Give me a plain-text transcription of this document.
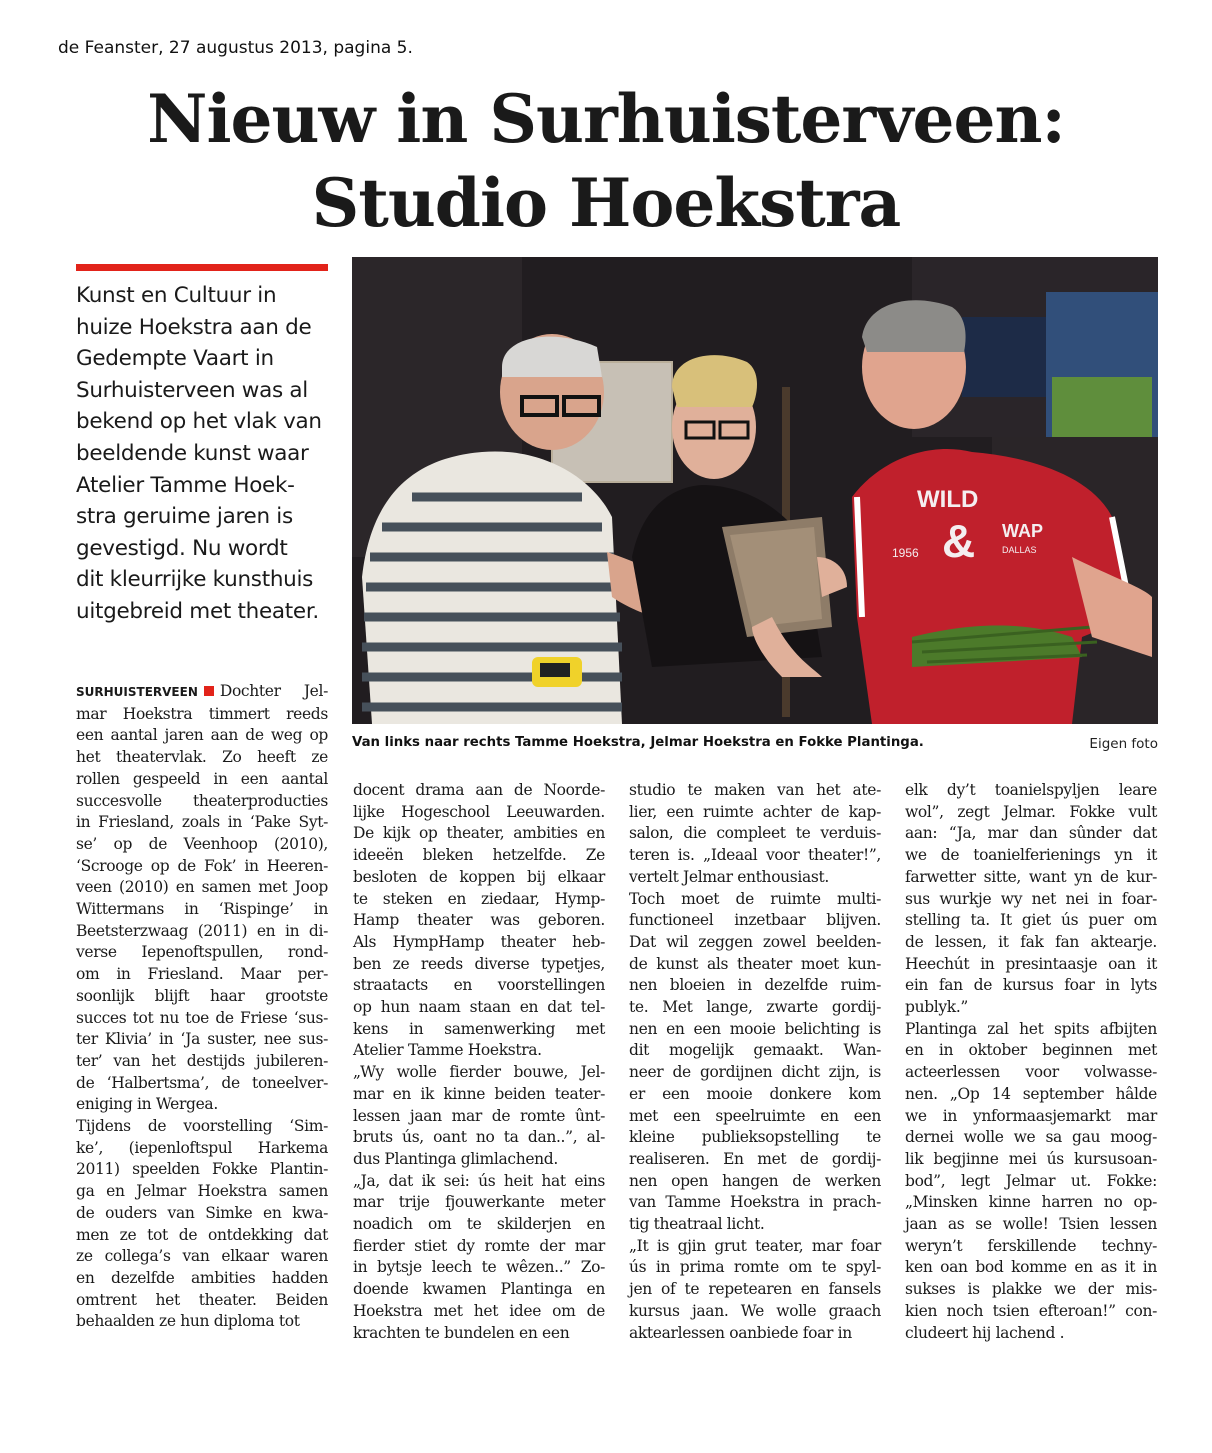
de Feanster, 27 augustus 2013, pagina 5.
Nieuw in Surhuisterveen:
Studio Hoekstra
Kunst en Cultuur in
huize Hoekstra aan de
Gedempte Vaart in
Surhuisterveen was al
bekend op het vlak van
beeldende kunst waar
Atelier Tamme Hoek-
stra geruime jaren is
gevestigd. Nu wordt
dit kleurrijke kunsthuis
uitgebreid met theater.
WILD
& WAP
DALLAS
1956
Van links naar rechts Tamme Hoekstra, Jelmar Hoekstra en Fokke Plantinga.	Eigen foto
SURHUISTERVEEN Dochter Jel-
mar Hoekstra timmert reeds
een aantal jaren aan de weg op
het theatervlak. Zo heeft ze
rollen gespeeld in een aantal
succesvolle theaterproducties
in Friesland, zoals in ‘Pake Syt-
se’ op de Veenhoop (2010),
‘Scrooge op de Fok’ in Heeren-
veen (2010) en samen met Joop
Wittermans in ‘Rispinge’ in
Beetsterzwaag (2011) en in di-
verse Iepenoftspullen, rond-
om in Friesland. Maar per-
soonlijk blijft haar grootste
succes tot nu toe de Friese ‘sus-
ter Klivia’ in ‘Ja suster, nee sus-
ter’ van het destijds jubileren-
de ‘Halbertsma’, de toneelver-
eniging in Wergea.
Tijdens de voorstelling ‘Sim-
ke’, (iepenloftspul Harkema
2011) speelden Fokke Plantin-
ga en Jelmar Hoekstra samen
de ouders van Simke en kwa-
men ze tot de ontdekking dat
ze collega’s van elkaar waren
en dezelfde ambities hadden
omtrent het theater. Beiden
behaalden ze hun diploma tot
docent drama aan de Noorde-
lijke Hogeschool Leeuwarden.
De kijk op theater, ambities en
ideeën bleken hetzelfde. Ze
besloten de koppen bij elkaar
te steken en ziedaar, Hymp-
Hamp theater was geboren.
Als HympHamp theater heb-
ben ze reeds diverse typetjes,
straatacts en voorstellingen
op hun naam staan en dat tel-
kens in samenwerking met
Atelier Tamme Hoekstra.
„Wy wolle fierder bouwe, Jel-
mar en ik kinne beiden teater-
lessen jaan mar de romte ûnt-
bruts ús, oant no ta dan..”, al-
dus Plantinga glimlachend.
„Ja, dat ik sei: ús heit hat eins
mar trije fjouwerkante meter
noadich om te skilderjen en
fierder stiet dy romte der mar
in bytsje leech te wêzen..” Zo-
doende kwamen Plantinga en
Hoekstra met het idee om de
krachten te bundelen en een
studio te maken van het ate-
lier, een ruimte achter de kap-
salon, die compleet te verduis-
teren is. „Ideaal voor theater!”,
vertelt Jelmar enthousiast.
Toch moet de ruimte multi-
functioneel inzetbaar blijven.
Dat wil zeggen zowel beelden-
de kunst als theater moet kun-
nen bloeien in dezelfde ruim-
te. Met lange, zwarte gordij-
nen en een mooie belichting is
dit mogelijk gemaakt. Wan-
neer de gordijnen dicht zijn, is
er een mooie donkere kom
met een speelruimte en een
kleine publieksopstelling te
realiseren. En met de gordij-
nen open hangen de werken
van Tamme Hoekstra in prach-
tig theatraal licht.
„It is gjin grut teater, mar foar
ús in prima romte om te spyl-
jen of te repetearen en fansels
kursus jaan. We wolle graach
aktearlessen oanbiede foar in
elk dy’t toanielspyljen leare
wol”, zegt Jelmar. Fokke vult
aan: “Ja, mar dan sûnder dat
we de toanielferienings yn it
farwetter sitte, want yn de kur-
sus wurkje wy net nei in foar-
stelling ta. It giet ús puer om
de lessen, it fak fan aktearje.
Heechút in presintaasje oan it
ein fan de kursus foar in lyts
publyk.”
Plantinga zal het spits afbijten
en in oktober beginnen met
acteerlessen voor volwasse-
nen. „Op 14 september hâlde
we in ynformaasjemarkt mar
dernei wolle we sa gau moog-
lik begjinne mei ús kursusoan-
bod”, legt Jelmar ut. Fokke:
„Minsken kinne harren no op-
jaan as se wolle! Tsien lessen
weryn’t ferskillende techny-
ken oan bod komme en as it in
sukses is plakke we der mis-
kien noch tsien efteroan!” con-
cludeert hij lachend .
